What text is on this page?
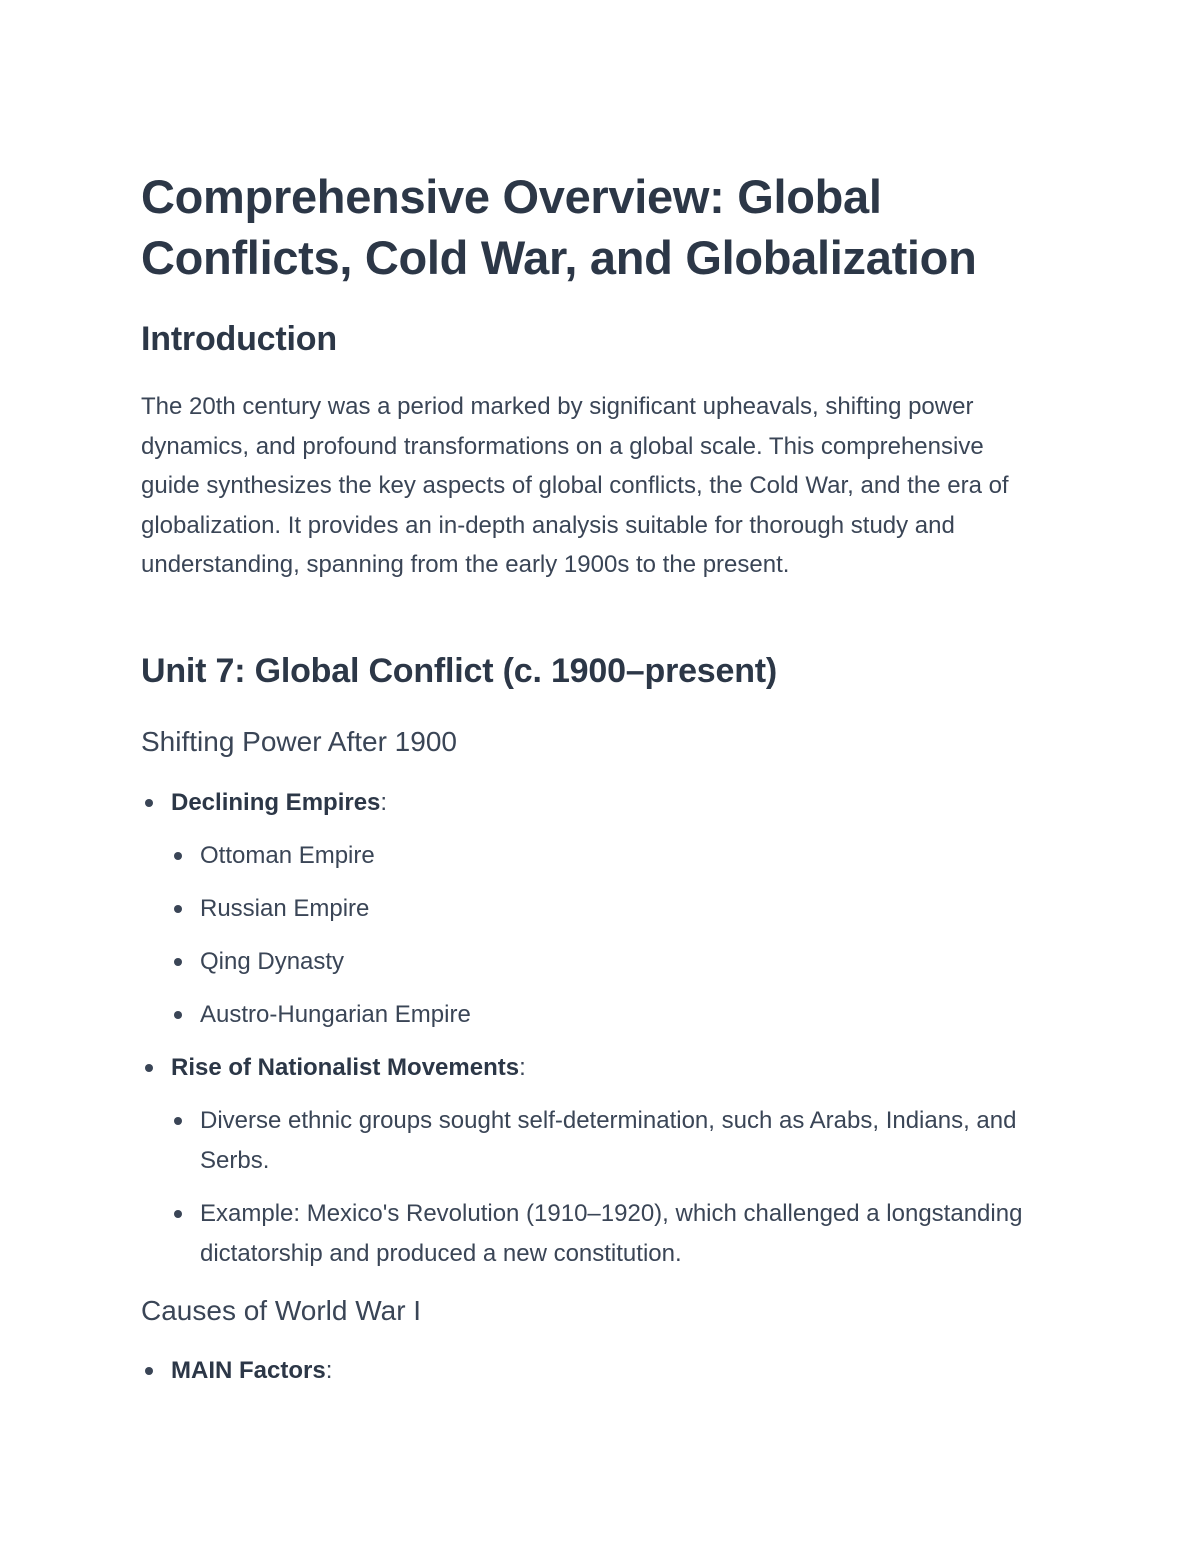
Comprehensive Overview: Global Conflicts, Cold War, and Globalization
Introduction

The 20th century was a period marked by significant upheavals, shifting power dynamics, and profound transformations on a global scale. This comprehensive guide synthesizes the key aspects of global conflicts, the Cold War, and the era of globalization. It provides an in-depth analysis suitable for thorough study and understanding, spanning from the early 1900s to the present.

Unit 7: Global Conflict (c. 1900–present)
Shifting Power After 1900
Declining Empires:
Ottoman Empire
Russian Empire
Qing Dynasty
Austro-Hungarian Empire
Rise of Nationalist Movements:
Diverse ethnic groups sought self-determination, such as Arabs, Indians, and Serbs.
Example: Mexico's Revolution (1910–1920), which challenged a longstanding dictatorship and produced a new constitution.
Causes of World War I
MAIN Factors:
